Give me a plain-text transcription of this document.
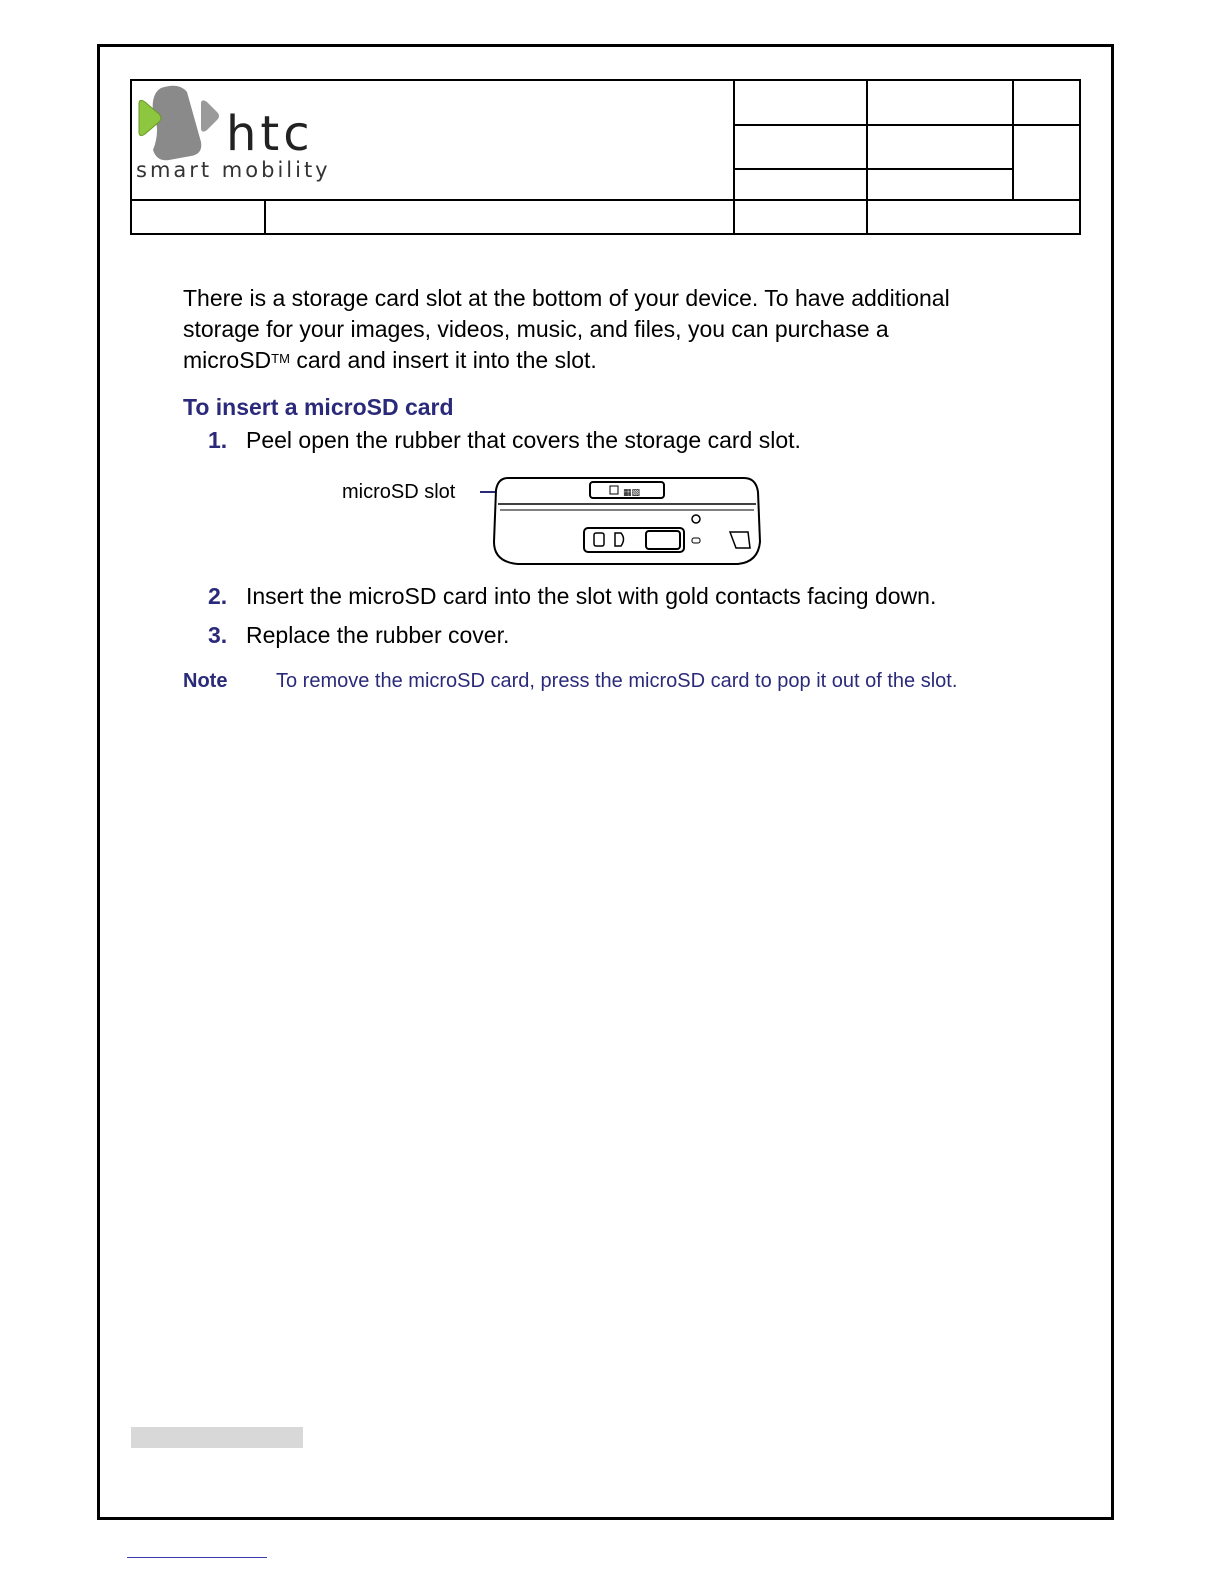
htc
smart mobility
There is a storage card slot at the bottom of your device. To have additional
storage for your images, videos, music, and files, you can purchase a
microSD™ card and insert it into the slot.
To insert a microSD card
1. Peel open the rubber that covers the storage card slot.
microSD slot	▦▧
2. Insert the microSD card into the slot with gold contacts facing down.
3. Replace the rubber cover.
Note To remove the microSD card, press the microSD card to pop it out of the slot.
